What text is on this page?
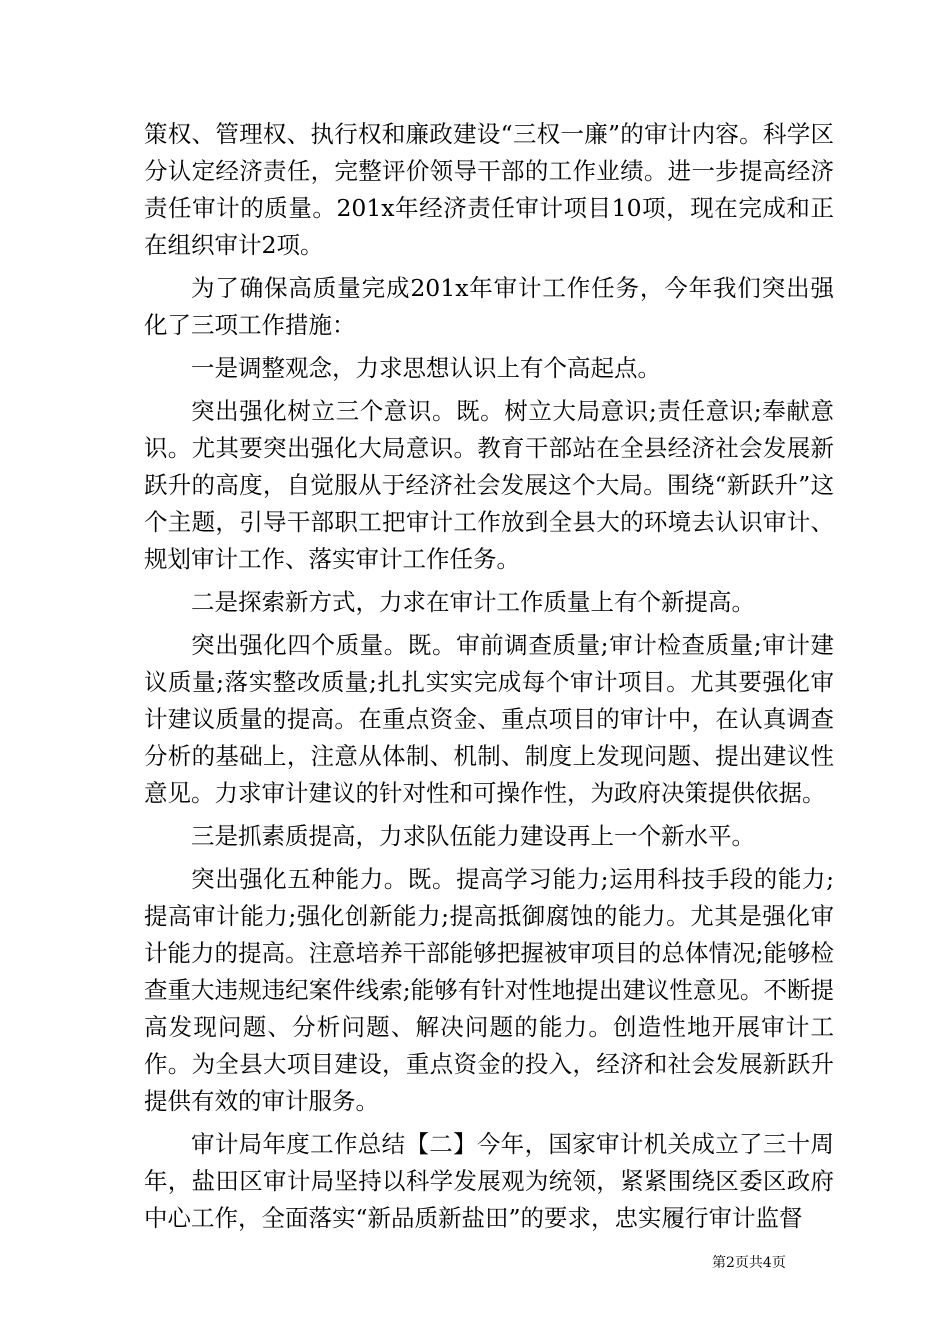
策权、管理权、执行权和廉政建设“三权一廉”的审计内容。科学区分认定经济责任，完整评价领导干部的工作业绩。进一步提高经济责任审计的质量。201x年经济责任审计项目10项，现在完成和正在组织审计2项。

为了确保高质量完成201x年审计工作任务，今年我们突出强化了三项工作措施：

一是调整观念，力求思想认识上有个高起点。

突出强化树立三个意识。既。树立大局意识;责任意识;奉献意识。尤其要突出强化大局意识。教育干部站在全县经济社会发展新跃升的高度，自觉服从于经济社会发展这个大局。围绕“新跃升”这个主题，引导干部职工把审计工作放到全县大的环境去认识审计、规划审计工作、落实审计工作任务。

二是探索新方式，力求在审计工作质量上有个新提高。

突出强化四个质量。既。审前调查质量;审计检查质量;审计建议质量;落实整改质量;扎扎实实完成每个审计项目。尤其要强化审计建议质量的提高。在重点资金、重点项目的审计中，在认真调查分析的基础上，注意从体制、机制、制度上发现问题、提出建议性意见。力求审计建议的针对性和可操作性，为政府决策提供依据。

三是抓素质提高，力求队伍能力建设再上一个新水平。

突出强化五种能力。既。提高学习能力;运用科技手段的能力;提高审计能力;强化创新能力;提高抵御腐蚀的能力。尤其是强化审计能力的提高。注意培养干部能够把握被审项目的总体情况;能够检查重大违规违纪案件线索;能够有针对性地提出建议性意见。不断提高发现问题、分析问题、解决问题的能力。创造性地开展审计工作。为全县大项目建设，重点资金的投入，经济和社会发展新跃升提供有效的审计服务。

审计局年度工作总结【二】今年，国家审计机关成立了三十周年，盐田区审计局坚持以科学发展观为统领，紧紧围绕区委区政府中心工作，全面落实“新品质新盐田”的要求，忠实履行审计监督

第2页共4页
